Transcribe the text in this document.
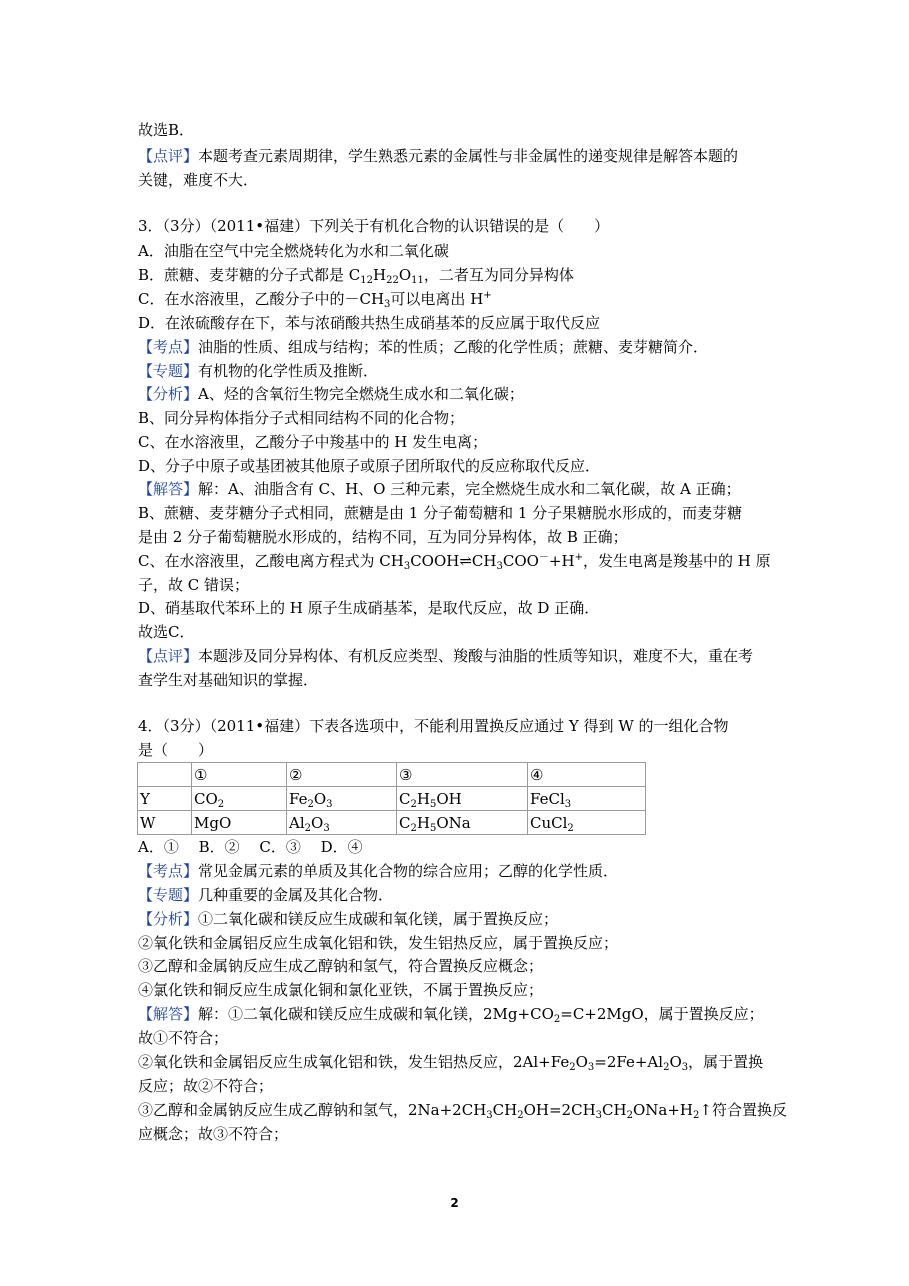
故选B．
【点评】本题考查元素周期律，学生熟悉元素的金属性与非金属性的递变规律是解答本题的
关键，难度不大．
3．（3分）（2011•福建）下列关于有机化合物的认识错误的是（　　）
A．油脂在空气中完全燃烧转化为水和二氧化碳
B．蔗糖、麦芽糖的分子式都是 $C_{12}H_{22}O_{11}$，二者互为同分异构体
C．在水溶液里，乙酸分子中的$-CH_3$可以电离出 H+
D．在浓硫酸存在下，苯与浓硝酸共热生成硝基苯的反应属于取代反应
【考点】油脂的性质、组成与结构；苯的性质；乙酸的化学性质；蔗糖、麦芽糖简介．
【专题】有机物的化学性质及推断．
【分析】A、烃的含氧衍生物完全燃烧生成水和二氧化碳；
B、同分异构体指分子式相同结构不同的化合物；
C、在水溶液里，乙酸分子中羧基中的 H 发生电离；
D、分子中原子或基团被其他原子或原子团所取代的反应称取代反应．
【解答】解：A、油脂含有 C、H、O 三种元素，完全燃烧生成水和二氧化碳，故 A 正确；
B、蔗糖、麦芽糖分子式相同，蔗糖是由 1 分子葡萄糖和 1 分子果糖脱水形成的，而麦芽糖
是由 2 分子葡萄糖脱水形成的，结构不同，互为同分异构体，故 B 正确；
C、在水溶液里，乙酸电离方程式为 $CH_3COOH\rightleftharpoons CH_3COO^-+H^+$，发生电离是羧基中的 H 原
子，故 C 错误；
D、硝基取代苯环上的 H 原子生成硝基苯，是取代反应，故 D 正确．
故选C．
【点评】本题涉及同分异构体、有机反应类型、羧酸与油脂的性质等知识，难度不大，重在考
查学生对基础知识的掌握．
4．（3分）（2011•福建）下表各选项中，不能利用置换反应通过 Y 得到 W 的一组化合物
是（　　）
	①	②	③	④
Y	$CO_2$	$Fe_2O_3$	$C_2H_5OH$	FeCl$_3$
W	MgO	$Al_2O_3$	$C_2H_5ONa$	CuCl$_2$
A．①　 B．②　 C．③　 D．④
【考点】常见金属元素的单质及其化合物的综合应用；乙醇的化学性质．
【专题】几种重要的金属及其化合物．
【分析】①二氧化碳和镁反应生成碳和氧化镁，属于置换反应；
②氧化铁和金属铝反应生成氧化铝和铁，发生铝热反应，属于置换反应；
③乙醇和金属钠反应生成乙醇钠和氢气，符合置换反应概念；
④氯化铁和铜反应生成氯化铜和氯化亚铁，不属于置换反应；
【解答】解：①二氧化碳和镁反应生成碳和氧化镁，$2Mg+CO_2=C+2MgO$，属于置换反应；
故①不符合；
②氧化铁和金属铝反应生成氧化铝和铁，发生铝热反应，$2Al+Fe_2O_3=2Fe+Al_2O_3$，属于置换
反应；故②不符合；
③乙醇和金属钠反应生成乙醇钠和氢气，$2Na+2CH_3CH_2OH=2CH_3CH_2ONa+H_2↑$符合置换反
应概念；故③不符合；
2
